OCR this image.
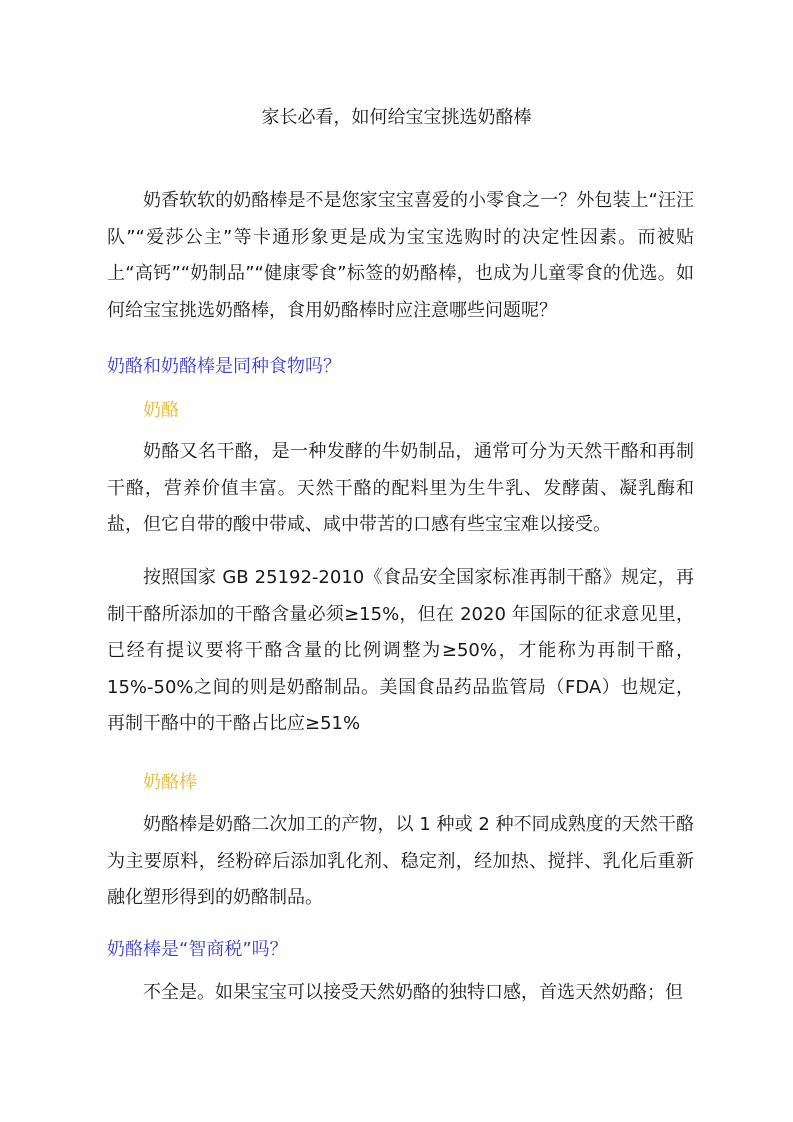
家长必看，如何给宝宝挑选奶酪棒

奶香软软的奶酪棒是不是您家宝宝喜爱的小零食之一？外包装上“汪汪队”“爱莎公主”等卡通形象更是成为宝宝选购时的决定性因素。而被贴上“高钙”“奶制品”“健康零食”标签的奶酪棒，也成为儿童零食的优选。如何给宝宝挑选奶酪棒，食用奶酪棒时应注意哪些问题呢？

奶酪和奶酪棒是同种食物吗？
奶酪

奶酪又名干酪，是一种发酵的牛奶制品，通常可分为天然干酪和再制干酪，营养价值丰富。天然干酪的配料里为生牛乳、发酵菌、凝乳酶和盐，但它自带的酸中带咸、咸中带苦的口感有些宝宝难以接受。

按照国家 GB 25192-2010《食品安全国家标准再制干酪》规定，再制干酪所添加的干酪含量必须≥15%，但在 2020 年国际的征求意见里，已经有提议要将干酪含量的比例调整为≥50%，才能称为再制干酪，15%-50%之间的则是奶酪制品。美国食品药品监管局（FDA）也规定，再制干酪中的干酪占比应≥51%

奶酪棒

奶酪棒是奶酪二次加工的产物，以 1 种或 2 种不同成熟度的天然干酪为主要原料，经粉碎后添加乳化剂、稳定剂，经加热、搅拌、乳化后重新融化塑形得到的奶酪制品。

奶酪棒是“智商税”吗？

不全是。如果宝宝可以接受天然奶酪的独特口感，首选天然奶酪；但
